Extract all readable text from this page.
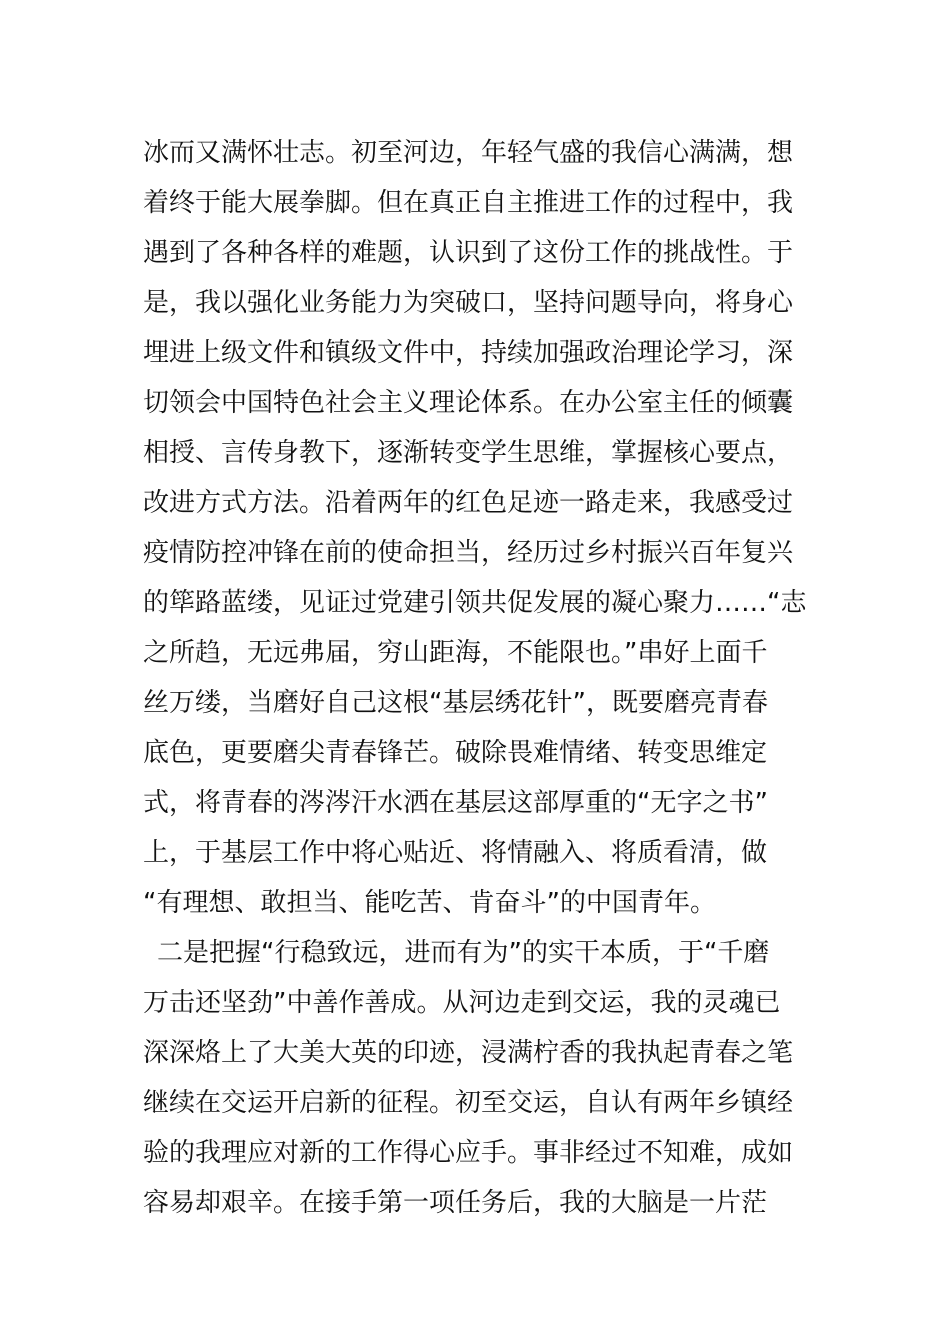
冰而又满怀壮志。初至河边，年轻气盛的我信心满满，想
着终于能大展拳脚。但在真正自主推进工作的过程中，我
遇到了各种各样的难题，认识到了这份工作的挑战性。于
是，我以强化业务能力为突破口，坚持问题导向，将身心
埋进上级文件和镇级文件中，持续加强政治理论学习，深
切领会中国特色社会主义理论体系。在办公室主任的倾囊
相授、言传身教下，逐渐转变学生思维，掌握核心要点，
改进方式方法。沿着两年的红色足迹一路走来，我感受过
疫情防控冲锋在前的使命担当，经历过乡村振兴百年复兴
的筚路蓝缕，见证过党建引领共促发展的凝心聚力……“志
之所趋，无远弗届，穷山距海，不能限也。”串好上面千
丝万缕，当磨好自己这根“基层绣花针”，既要磨亮青春
底色，更要磨尖青春锋芒。破除畏难情绪、转变思维定
式，将青春的涔涔汗水洒在基层这部厚重的“无字之书”
上，于基层工作中将心贴近、将情融入、将质看清，做
“有理想、敢担当、能吃苦、肯奋斗”的中国青年。
二是把握“行稳致远，进而有为”的实干本质，于“千磨
万击还坚劲”中善作善成。从河边走到交运，我的灵魂已
深深烙上了大美大英的印迹，浸满柠香的我执起青春之笔
继续在交运开启新的征程。初至交运，自认有两年乡镇经
验的我理应对新的工作得心应手。事非经过不知难，成如
容易却艰辛。在接手第一项任务后，我的大脑是一片茫
